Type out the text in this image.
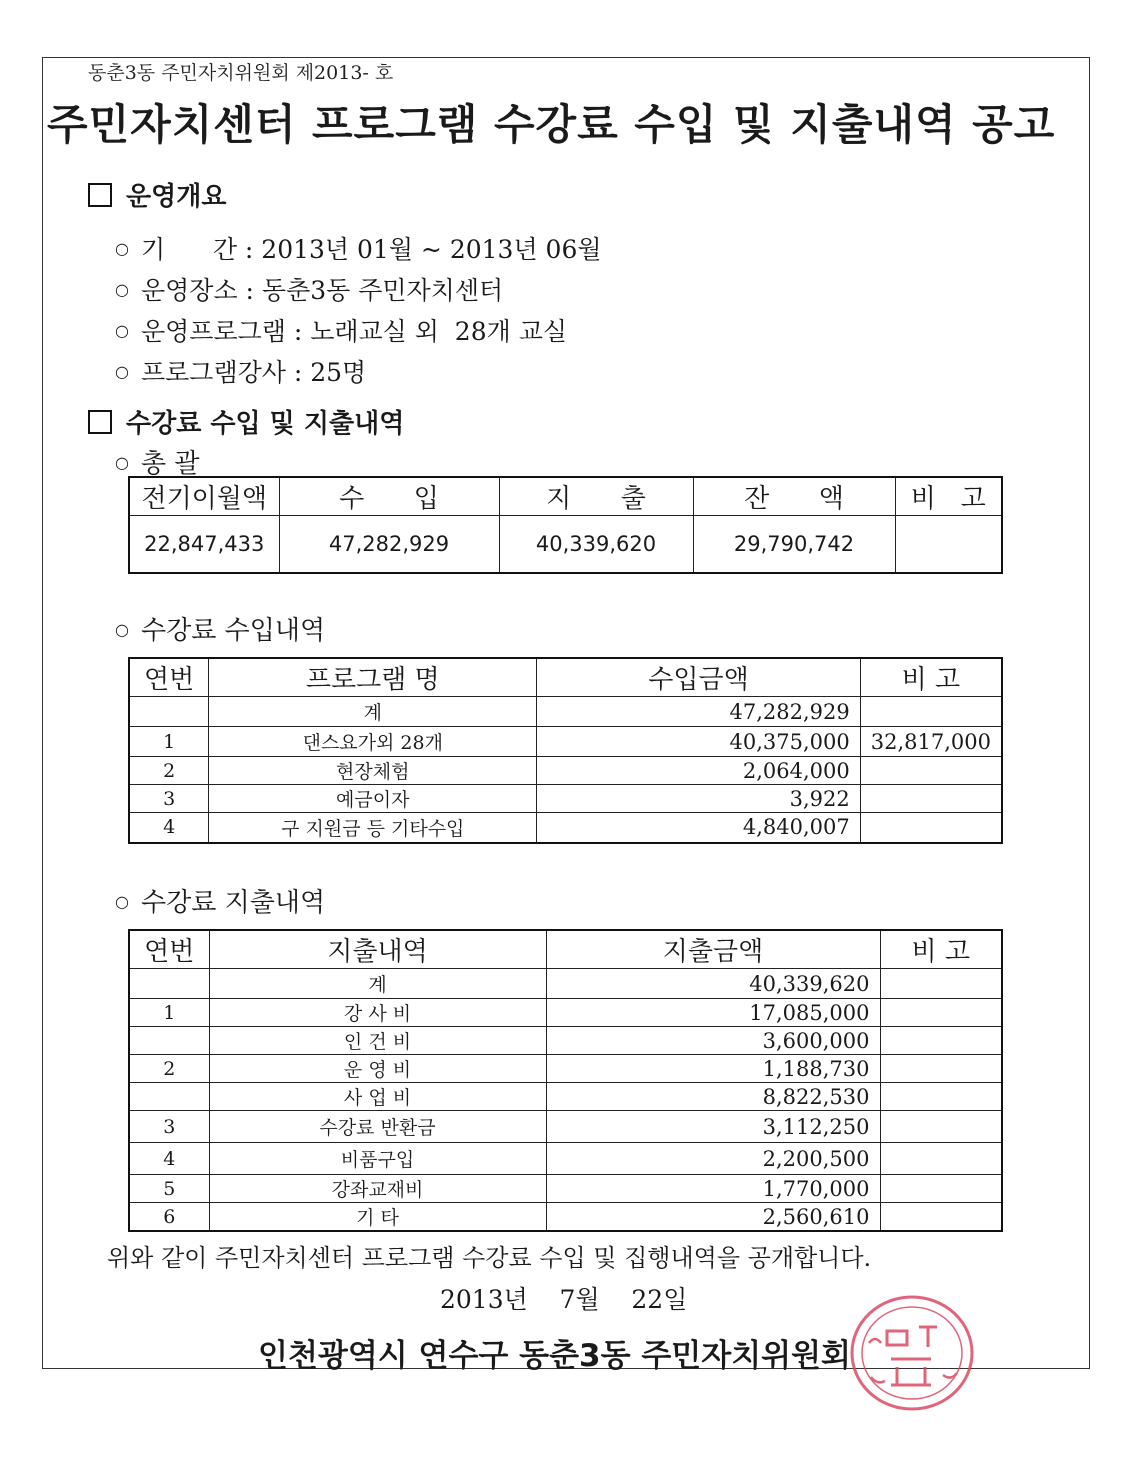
동춘3동 주민자치위원회 제2013- 호
주민자치센터 프로그램 수강료 수입 및 지출내역 공고
운영개요
○ 기      간 : 2013년 01월 ~ 2013년 06월
○ 운영장소 : 동춘3동 주민자치센터
○ 운영프로그램 : 노래교실 외  28개 교실
○ 프로그램강사 : 25명
수강료 수입 및 지출내역
○ 총 괄
전기이월액	수      입	지      출	잔      액	비   고
22,847,433	47,282,929	40,339,620	29,790,742	
○ 수강료 수입내역
연번	프로그램 명	수입금액	비 고
	계	47,282,929	
1	댄스요가외 28개	40,375,000	32,817,000
2	현장체험	2,064,000	
3	예금이자	3,922	
4	구 지원금 등 기타수입	4,840,007	
○ 수강료 지출내역
연번	지출내역	지출금액	비 고
	계	40,339,620	
1	강 사 비	17,085,000	
	인 건 비	3,600,000	
2	운 영 비	1,188,730	
	사 업 비	8,822,530	
3	수강료 반환금	3,112,250	
4	비품구입	2,200,500	
5	강좌교재비	1,770,000	
6	기 타	2,560,610	
위와 같이 주민자치센터 프로그램 수강료 수입 및 집행내역을 공개합니다.
2013년    7월    22일
인천광역시 연수구 동춘3동 주민자치위원회
